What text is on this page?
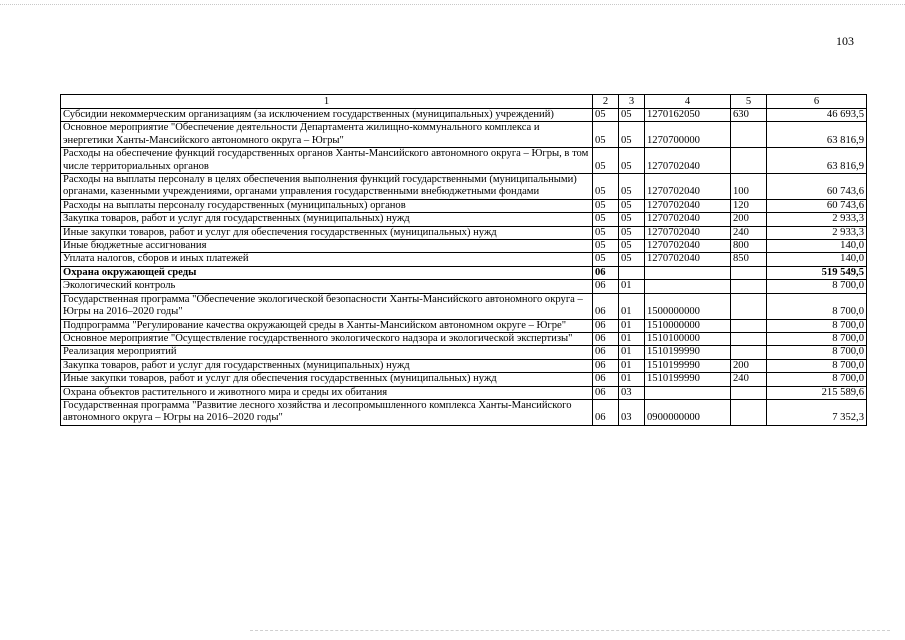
103
1	2	3	4	5	6
Субсидии некоммерческим организациям (за исключением государственных (муниципальных) учреждений)	05	05	1270162050	630	46 693,5
Основное мероприятие "Обеспечение деятельности Департамента жилищно-коммунального комплекса и энергетики Ханты-Мансийского автономного округа – Югры"	05	05	1270700000		63 816,9
Расходы на обеспечение функций государственных органов Ханты-Мансийского автономного округа – Югры, в том числе территориальных органов	05	05	1270702040		63 816,9
Расходы на выплаты персоналу в целях обеспечения выполнения функций государственными (муниципальными) органами, казенными учреждениями, органами управления государственными внебюджетными фондами	05	05	1270702040	100	60 743,6
Расходы на выплаты персоналу государственных (муниципальных) органов	05	05	1270702040	120	60 743,6
Закупка товаров, работ и услуг для государственных (муниципальных) нужд	05	05	1270702040	200	2 933,3
Иные закупки товаров, работ и услуг для обеспечения государственных (муниципальных) нужд	05	05	1270702040	240	2 933,3
Иные бюджетные ассигнования	05	05	1270702040	800	140,0
Уплата налогов, сборов и иных платежей	05	05	1270702040	850	140,0
Охрана окружающей среды	06				519 549,5
Экологический контроль	06	01			8 700,0
Государственная программа "Обеспечение экологической безопасности Ханты-Мансийского автономного округа – Югры на 2016–2020 годы"	06	01	1500000000		8 700,0
Подпрограмма "Регулирование качества окружающей среды в Ханты-Мансийском автономном округе – Югре"	06	01	1510000000		8 700,0
Основное мероприятие "Осуществление государственного экологического надзора и экологической экспертизы"	06	01	1510100000		8 700,0
Реализация мероприятий	06	01	1510199990		8 700,0
Закупка товаров, работ и услуг для государственных (муниципальных) нужд	06	01	1510199990	200	8 700,0
Иные закупки товаров, работ и услуг для обеспечения государственных (муниципальных) нужд	06	01	1510199990	240	8 700,0
Охрана объектов растительного и животного мира и среды их обитания	06	03			215 589,6
Государственная программа "Развитие лесного хозяйства и лесопромышленного комплекса Ханты-Мансийского автономного округа – Югры на 2016–2020 годы"	06	03	0900000000		7 352,3
